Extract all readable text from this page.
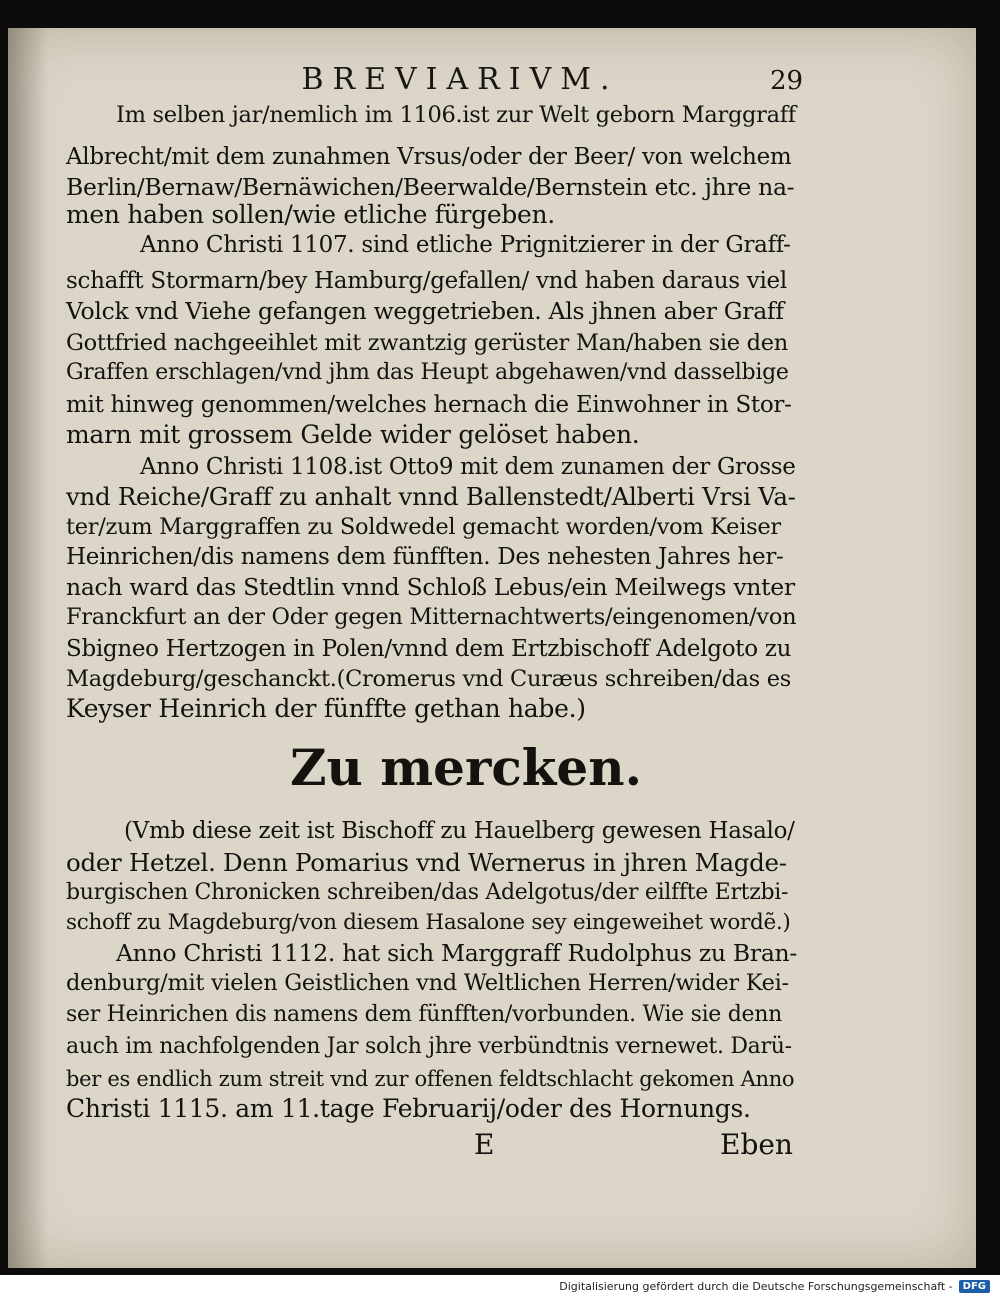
BREVIARIVM.	29
Im selben jar/nemlich im 1106.ist zur Welt geborn Marggraff
Albrecht/mit dem zunahmen Vrsus/oder der Beer/ von welchem
Berlin/Bernaw/Bernäwichen/Beerwalde/Bernstein etc. jhre na-
men haben sollen/wie etliche fürgeben.
Anno Christi 1107. sind etliche Prignitzierer in der Graff-
schafft Stormarn/bey Hamburg/gefallen/ vnd haben daraus viel
Volck vnd Viehe gefangen weggetrieben. Als jhnen aber Graff
Gottfried nachgeeihlet mit zwantzig gerüster Man/haben sie den
Graffen erschlagen/vnd jhm das Heupt abgehawen/vnd dasselbige
mit hinweg genommen/welches hernach die Einwohner in Stor-
marn mit grossem Gelde wider gelöset haben.
Anno Christi 1108.ist Otto9 mit dem zunamen der Grosse
vnd Reiche/Graff zu anhalt vnnd Ballenstedt/Alberti Vrsi Va-
ter/zum Marggraffen zu Soldwedel gemacht worden/vom Keiser
Heinrichen/dis namens dem fünfften. Des nehesten Jahres her-
nach ward das Stedtlin vnnd Schloß Lebus/ein Meilwegs vnter
Franckfurt an der Oder gegen Mitternachtwerts/eingenomen/von
Sbigneo Hertzogen in Polen/vnnd dem Ertzbischoff Adelgoto zu
Magdeburg/geschanckt.(Cromerus vnd Curæus schreiben/das es
Keyser Heinrich der fünffte gethan habe.)
Zu mercken.
(Vmb diese zeit ist Bischoff zu Hauelberg gewesen Hasalo/
oder Hetzel. Denn Pomarius vnd Wernerus in jhren Magde-
burgischen Chronicken schreiben/das Adelgotus/der eilffte Ertzbi-
schoff zu Magdeburg/von diesem Hasalone sey eingeweihet wordẽ.)
Anno Christi 1112. hat sich Marggraff Rudolphus zu Bran-
denburg/mit vielen Geistlichen vnd Weltlichen Herren/wider Kei-
ser Heinrichen dis namens dem fünfften/vorbunden. Wie sie denn
auch im nachfolgenden Jar solch jhre verbündtnis vernewet. Darü-
ber es endlich zum streit vnd zur offenen feldtschlacht gekomen Anno
Christi 1115. am 11.tage Februarij/oder des Hornungs.
E	Eben
Digitalisierung gefördert durch die Deutsche Forschungsgemeinschaft -	DFG
